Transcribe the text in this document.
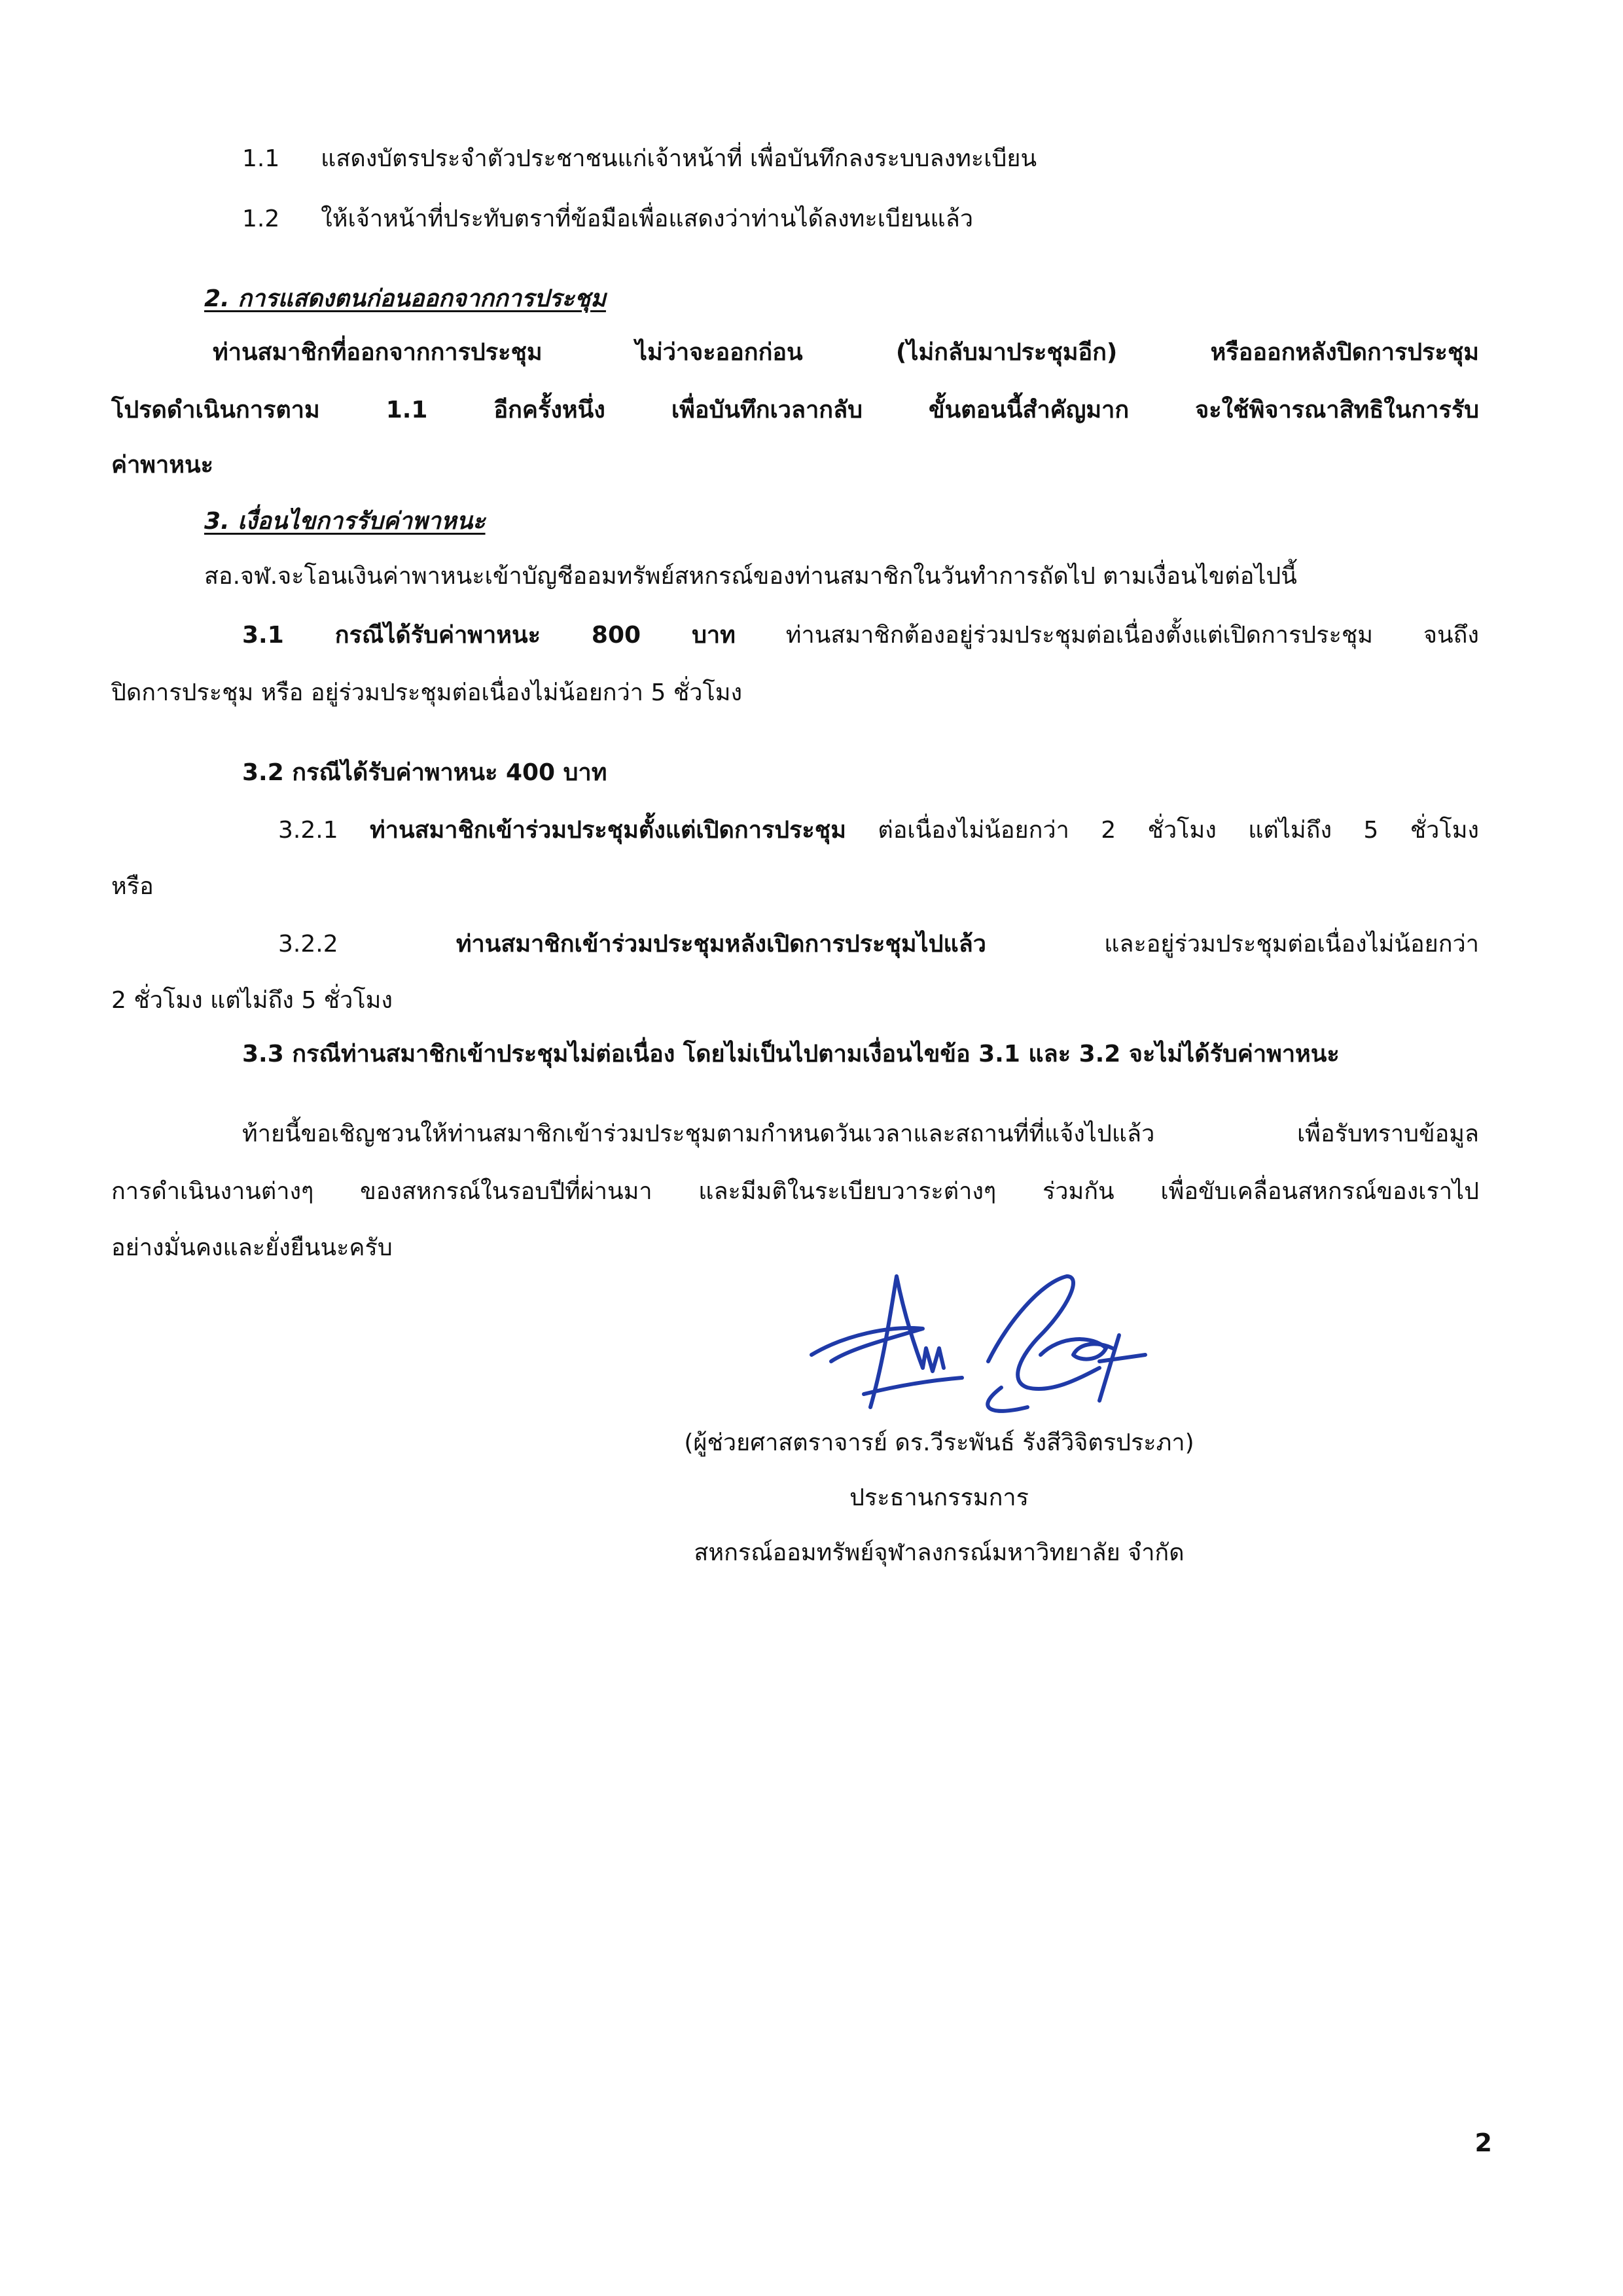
1.1 แสดงบัตรประจำตัวประชาชนแก่เจ้าหน้าที่ เพื่อบันทึกลงระบบลงทะเบียน
1.2 ให้เจ้าหน้าที่ประทับตราที่ข้อมือเพื่อแสดงว่าท่านได้ลงทะเบียนแล้ว
2. การแสดงตนก่อนออกจากการประชุม
ท่านสมาชิกที่ออกจากการประชุม ไม่ว่าจะออกก่อน (ไม่กลับมาประชุมอีก) หรือออกหลังปิดการประชุม
โปรดดำเนินการตาม 1.1 อีกครั้งหนึ่ง เพื่อบันทึกเวลากลับ ขั้นตอนนี้สำคัญมาก จะใช้พิจารณาสิทธิในการรับ
ค่าพาหนะ
3. เงื่อนไขการรับค่าพาหนะ
สอ.จฬ.จะโอนเงินค่าพาหนะเข้าบัญชีออมทรัพย์สหกรณ์ของท่านสมาชิกในวันทำการถัดไป ตามเงื่อนไขต่อไปนี้
3.1 กรณีได้รับค่าพาหนะ 800 บาท ท่านสมาชิกต้องอยู่ร่วมประชุมต่อเนื่องตั้งแต่เปิดการประชุม จนถึง
ปิดการประชุม หรือ อยู่ร่วมประชุมต่อเนื่องไม่น้อยกว่า 5 ชั่วโมง
3.2 กรณีได้รับค่าพาหนะ 400 บาท
3.2.1 ท่านสมาชิกเข้าร่วมประชุมตั้งแต่เปิดการประชุม ต่อเนื่องไม่น้อยกว่า 2 ชั่วโมง แต่ไม่ถึง 5 ชั่วโมง
หรือ
3.2.2	ท่านสมาชิกเข้าร่วมประชุมหลังเปิดการประชุมไปแล้ว	และอยู่ร่วมประชุมต่อเนื่องไม่น้อยกว่า
2 ชั่วโมง แต่ไม่ถึง 5 ชั่วโมง
3.3 กรณีท่านสมาชิกเข้าประชุมไม่ต่อเนื่อง โดยไม่เป็นไปตามเงื่อนไขข้อ 3.1 และ 3.2 จะไม่ได้รับค่าพาหนะ
ท้ายนี้ขอเชิญชวนให้ท่านสมาชิกเข้าร่วมประชุมตามกำหนดวันเวลาและสถานที่ที่แจ้งไปแล้ว เพื่อรับทราบข้อมูล
การดำเนินงานต่างๆ ของสหกรณ์ในรอบปีที่ผ่านมา และมีมติในระเบียบวาระต่างๆ ร่วมกัน เพื่อขับเคลื่อนสหกรณ์ของเราไป
อย่างมั่นคงและยั่งยืนนะครับ
(ผู้ช่วยศาสตราจารย์ ดร.วีระพันธ์ รังสีวิจิตรประภา)
ประธานกรรมการ
สหกรณ์ออมทรัพย์จุฬาลงกรณ์มหาวิทยาลัย จำกัด
2
